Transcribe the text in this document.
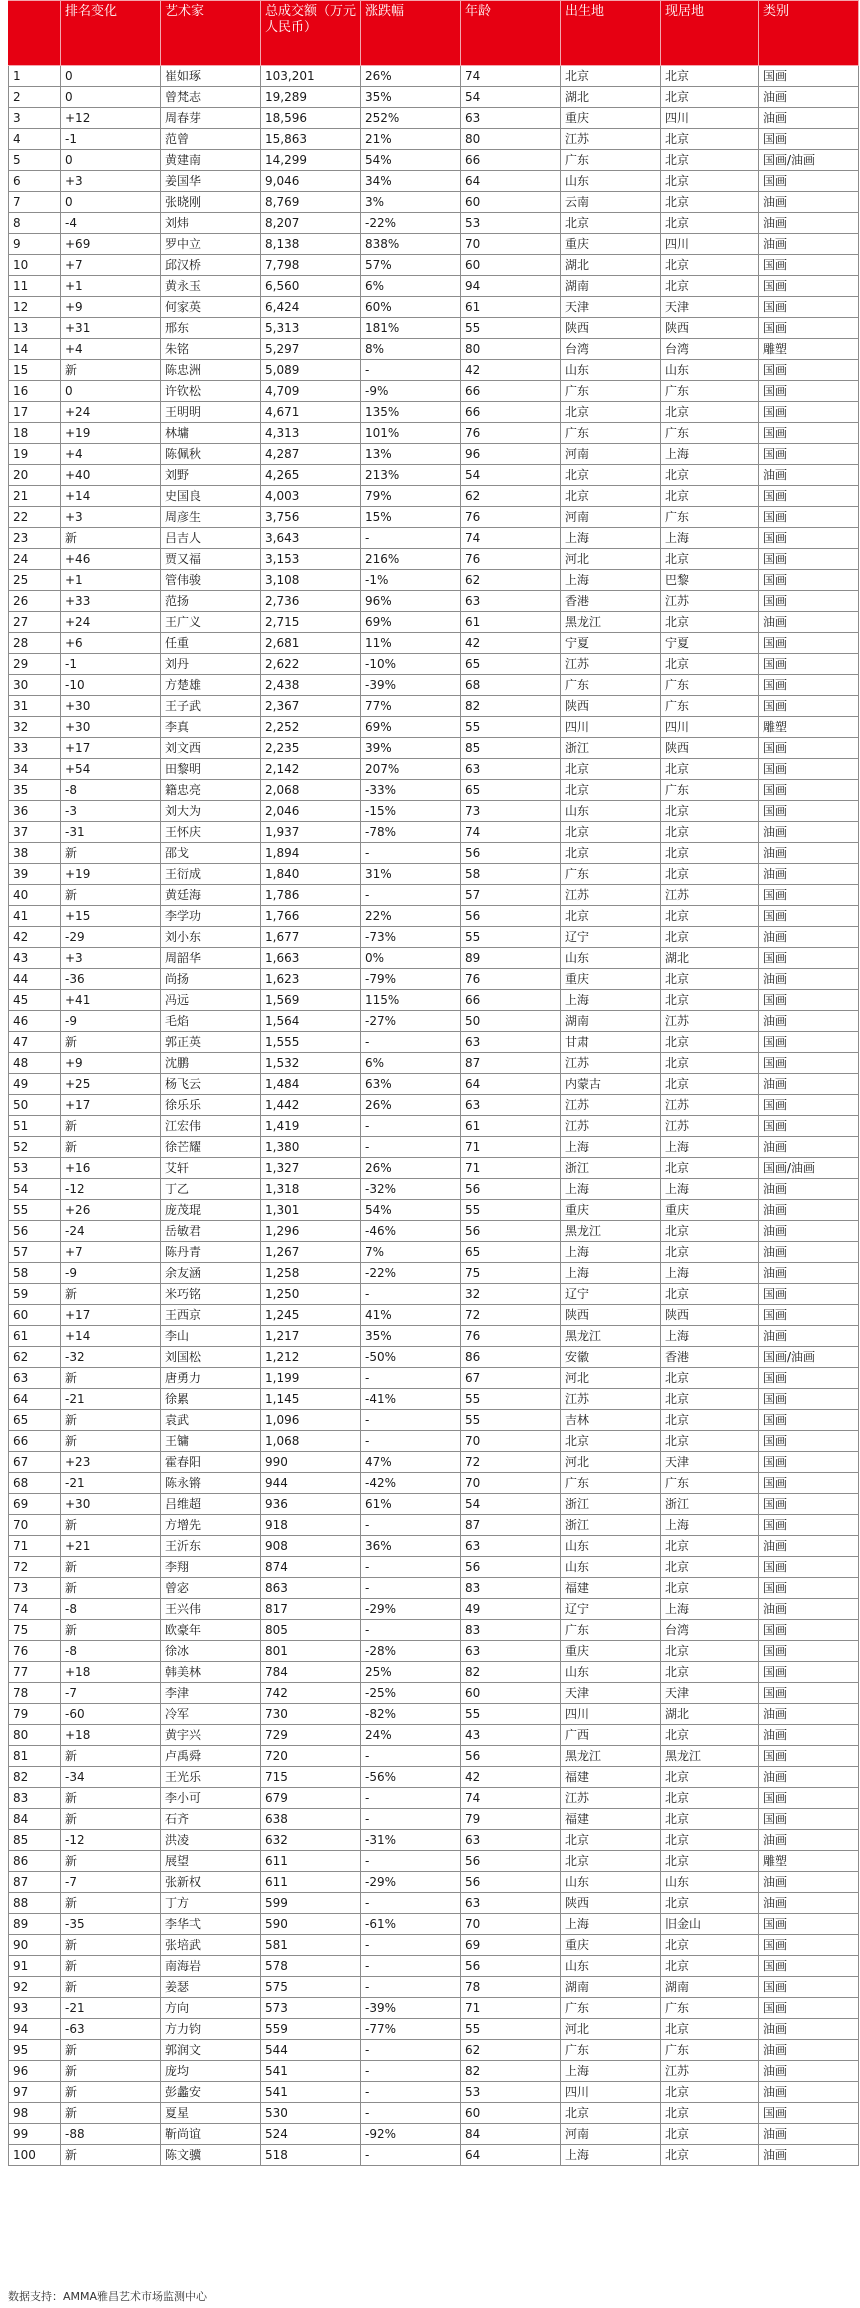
	排名变化	艺术家	总成交额（万元人民币）	涨跌幅	年龄	出生地	现居地	类别
1	0	崔如琢	103,201	26%	74	北京	北京	国画
2	0	曾梵志	19,289	35%	54	湖北	北京	油画
3	+12	周春芽	18,596	252%	63	重庆	四川	油画
4	-1	范曾	15,863	21%	80	江苏	北京	国画
5	0	黄建南	14,299	54%	66	广东	北京	国画/油画
6	+3	姜国华	9,046	34%	64	山东	北京	国画
7	0	张晓刚	8,769	3%	60	云南	北京	油画
8	-4	刘炜	8,207	-22%	53	北京	北京	油画
9	+69	罗中立	8,138	838%	70	重庆	四川	油画
10	+7	邱汉桥	7,798	57%	60	湖北	北京	国画
11	+1	黄永玉	6,560	6%	94	湖南	北京	国画
12	+9	何家英	6,424	60%	61	天津	天津	国画
13	+31	邢东	5,313	181%	55	陕西	陕西	国画
14	+4	朱铭	5,297	8%	80	台湾	台湾	雕塑
15	新	陈忠洲	5,089	-	42	山东	山东	国画
16	0	许钦松	4,709	-9%	66	广东	广东	国画
17	+24	王明明	4,671	135%	66	北京	北京	国画
18	+19	林墉	4,313	101%	76	广东	广东	国画
19	+4	陈佩秋	4,287	13%	96	河南	上海	国画
20	+40	刘野	4,265	213%	54	北京	北京	油画
21	+14	史国良	4,003	79%	62	北京	北京	国画
22	+3	周彦生	3,756	15%	76	河南	广东	国画
23	新	吕吉人	3,643	-	74	上海	上海	国画
24	+46	贾又福	3,153	216%	76	河北	北京	国画
25	+1	管伟骏	3,108	-1%	62	上海	巴黎	国画
26	+33	范扬	2,736	96%	63	香港	江苏	国画
27	+24	王广义	2,715	69%	61	黑龙江	北京	油画
28	+6	任重	2,681	11%	42	宁夏	宁夏	国画
29	-1	刘丹	2,622	-10%	65	江苏	北京	国画
30	-10	方楚雄	2,438	-39%	68	广东	广东	国画
31	+30	王子武	2,367	77%	82	陕西	广东	国画
32	+30	李真	2,252	69%	55	四川	四川	雕塑
33	+17	刘文西	2,235	39%	85	浙江	陕西	国画
34	+54	田黎明	2,142	207%	63	北京	北京	国画
35	-8	籍忠亮	2,068	-33%	65	北京	广东	国画
36	-3	刘大为	2,046	-15%	73	山东	北京	国画
37	-31	王怀庆	1,937	-78%	74	北京	北京	油画
38	新	邵戈	1,894	-	56	北京	北京	油画
39	+19	王衍成	1,840	31%	58	广东	北京	油画
40	新	黄廷海	1,786	-	57	江苏	江苏	国画
41	+15	李学功	1,766	22%	56	北京	北京	国画
42	-29	刘小东	1,677	-73%	55	辽宁	北京	油画
43	+3	周韶华	1,663	0%	89	山东	湖北	国画
44	-36	尚扬	1,623	-79%	76	重庆	北京	油画
45	+41	冯远	1,569	115%	66	上海	北京	国画
46	-9	毛焰	1,564	-27%	50	湖南	江苏	油画
47	新	郭正英	1,555	-	63	甘肃	北京	国画
48	+9	沈鹏	1,532	6%	87	江苏	北京	国画
49	+25	杨飞云	1,484	63%	64	内蒙古	北京	油画
50	+17	徐乐乐	1,442	26%	63	江苏	江苏	国画
51	新	江宏伟	1,419	-	61	江苏	江苏	国画
52	新	徐芒耀	1,380	-	71	上海	上海	油画
53	+16	艾轩	1,327	26%	71	浙江	北京	国画/油画
54	-12	丁乙	1,318	-32%	56	上海	上海	油画
55	+26	庞茂琨	1,301	54%	55	重庆	重庆	油画
56	-24	岳敏君	1,296	-46%	56	黑龙江	北京	油画
57	+7	陈丹青	1,267	7%	65	上海	北京	油画
58	-9	余友涵	1,258	-22%	75	上海	上海	油画
59	新	米巧铭	1,250	-	32	辽宁	北京	国画
60	+17	王西京	1,245	41%	72	陕西	陕西	国画
61	+14	李山	1,217	35%	76	黑龙江	上海	油画
62	-32	刘国松	1,212	-50%	86	安徽	香港	国画/油画
63	新	唐勇力	1,199	-	67	河北	北京	国画
64	-21	徐累	1,145	-41%	55	江苏	北京	国画
65	新	袁武	1,096	-	55	吉林	北京	国画
66	新	王镛	1,068	-	70	北京	北京	国画
67	+23	霍春阳	990	47%	72	河北	天津	国画
68	-21	陈永锵	944	-42%	70	广东	广东	国画
69	+30	吕维超	936	61%	54	浙江	浙江	国画
70	新	方增先	918	-	87	浙江	上海	国画
71	+21	王沂东	908	36%	63	山东	北京	油画
72	新	李翔	874	-	56	山东	北京	国画
73	新	曾宓	863	-	83	福建	北京	国画
74	-8	王兴伟	817	-29%	49	辽宁	上海	油画
75	新	欧豪年	805	-	83	广东	台湾	国画
76	-8	徐冰	801	-28%	63	重庆	北京	国画
77	+18	韩美林	784	25%	82	山东	北京	国画
78	-7	李津	742	-25%	60	天津	天津	国画
79	-60	冷军	730	-82%	55	四川	湖北	油画
80	+18	黄宇兴	729	24%	43	广西	北京	油画
81	新	卢禹舜	720	-	56	黑龙江	黑龙江	国画
82	-34	王光乐	715	-56%	42	福建	北京	油画
83	新	李小可	679	-	74	江苏	北京	国画
84	新	石齐	638	-	79	福建	北京	国画
85	-12	洪凌	632	-31%	63	北京	北京	油画
86	新	展望	611	-	56	北京	北京	雕塑
87	-7	张新权	611	-29%	56	山东	山东	油画
88	新	丁方	599	-	63	陕西	北京	油画
89	-35	李华弌	590	-61%	70	上海	旧金山	国画
90	新	张培武	581	-	69	重庆	北京	国画
91	新	南海岩	578	-	56	山东	北京	国画
92	新	姜瑟	575	-	78	湖南	湖南	国画
93	-21	方向	573	-39%	71	广东	广东	国画
94	-63	方力钧	559	-77%	55	河北	北京	油画
95	新	郭润文	544	-	62	广东	广东	油画
96	新	庞均	541	-	82	上海	江苏	油画
97	新	彭蠡安	541	-	53	四川	北京	油画
98	新	夏星	530	-	60	北京	北京	国画
99	-88	靳尚谊	524	-92%	84	河南	北京	油画
100	新	陈文骥	518	-	64	上海	北京	油画
数据支持：AMMA雅昌艺术市场监测中心
